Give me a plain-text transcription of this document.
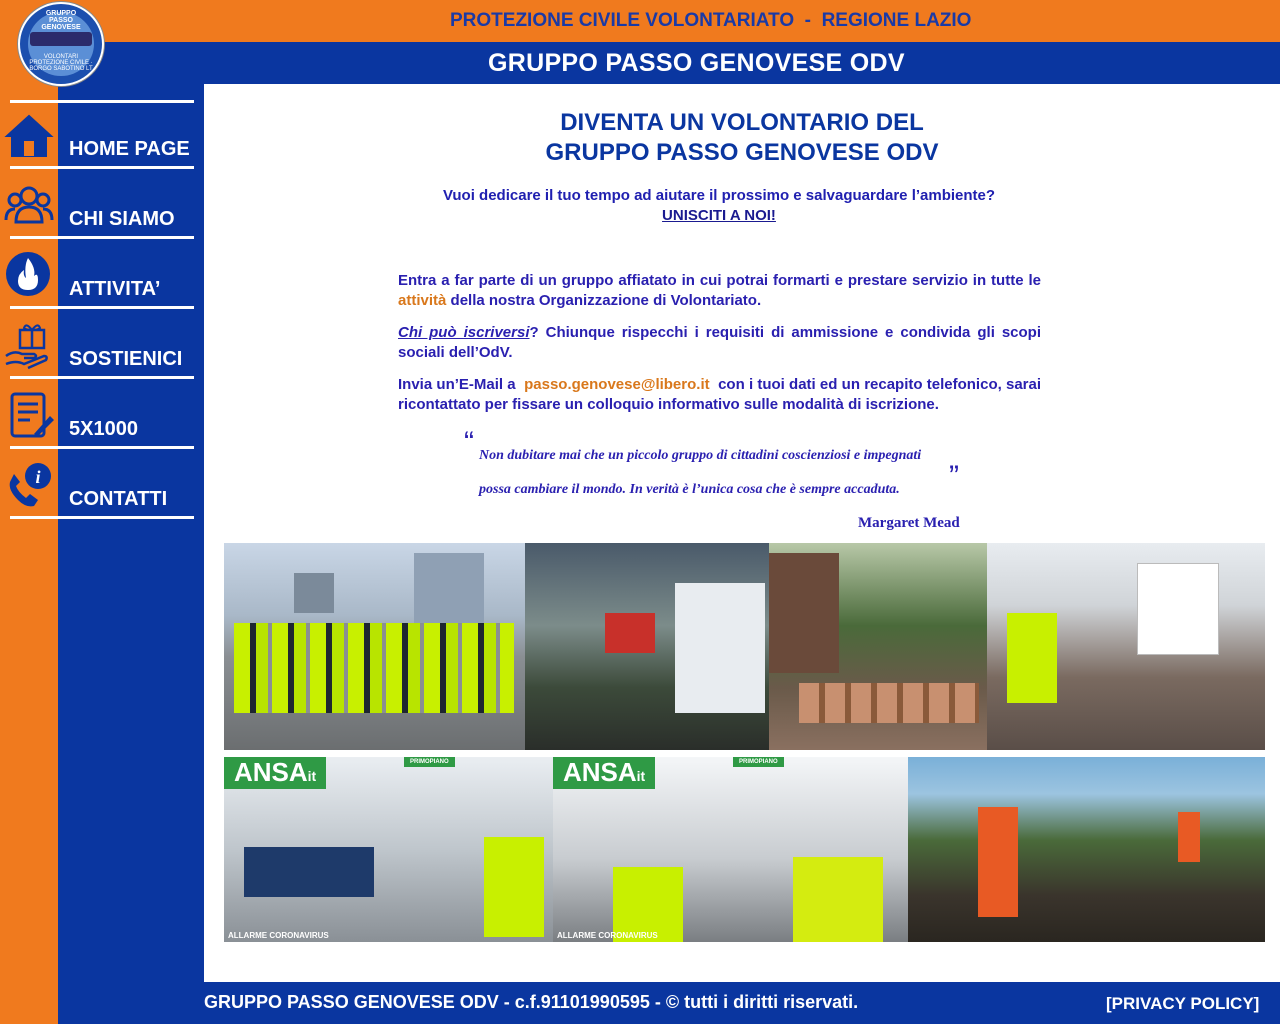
PROTEZIONE CIVILE VOLONTARIATO  -  REGIONE LAZIO
GRUPPO PASSO GENOVESE ODV
GRUPPO PASSO GENOVESE
VOLONTARI PROTEZIONE CIVILE · BORGO SABOTINO LT
HOME PAGE
CHI SIAMO
ATTIVITA’
SOSTIENICI
5X1000
i
CONTATTI
DIVENTA UN VOLONTARIO DEL
GRUPPO PASSO GENOVESE ODV
Vuoi dedicare il tuo tempo ad aiutare il prossimo e salvaguardare l’ambiente?
UNISCITI A NOI!
Entra a far parte di un gruppo affiatato in cui potrai formarti e prestare servizio in tutte le attività della nostra Organizzazione di Volontariato.
Chi può iscriversi? Chiunque rispecchi i requisiti di ammissione e condivida gli scopi sociali dell’OdV.
Invia un’E-Mail a  passo.genovese@libero.it  con i tuoi dati ed un recapito telefonico, sarai ricontattato per fissare un colloquio informativo sulle modalità di iscrizione.
“ Non dubitare mai che un piccolo gruppo di cittadini coscienziosi e impegnati
possa cambiare il mondo. In verità è l’unica cosa che è sempre accaduta.	”
Margaret Mead
ANSAit
PRIMOPIANO
ALLARME CORONAVIRUS
ANSAit
PRIMOPIANO
ALLARME CORONAVIRUS
GRUPPO PASSO GENOVESE ODV - c.f.91101990595 - © tutti i diritti riservati.	[PRIVACY POLICY]
